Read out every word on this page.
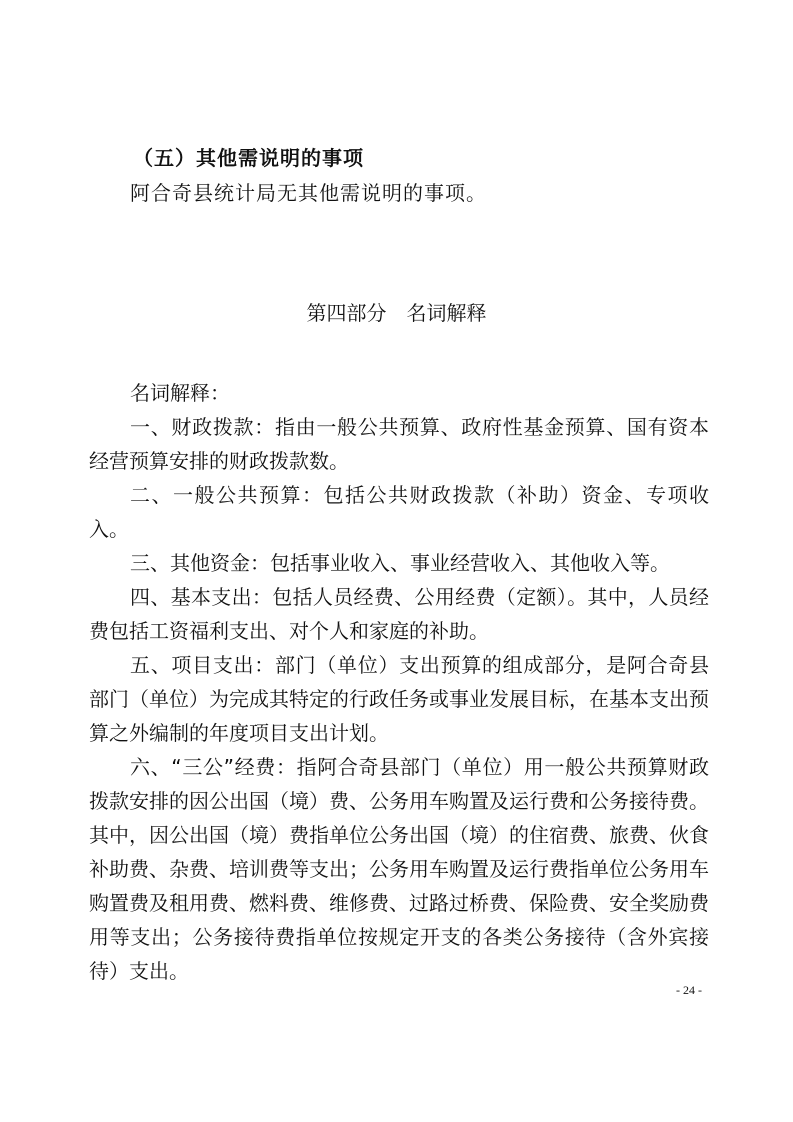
（五）其他需说明的事项
阿合奇县统计局无其他需说明的事项。
第四部分　名词解释

名词解释：

一、财政拨款：指由一般公共预算、政府性基金预算、国有资本经营预算安排的财政拨款数。

二、一般公共预算：包括公共财政拨款（补助）资金、专项收入。

三、其他资金：包括事业收入、事业经营收入、其他收入等。

四、基本支出：包括人员经费、公用经费（定额）。其中，人员经费包括工资福利支出、对个人和家庭的补助。

五、项目支出：部门（单位）支出预算的组成部分，是阿合奇县部门（单位）为完成其特定的行政任务或事业发展目标，在基本支出预算之外编制的年度项目支出计划。

六、“三公”经费：指阿合奇县部门（单位）用一般公共预算财政拨款安排的因公出国（境）费、公务用车购置及运行费和公务接待费。其中，因公出国（境）费指单位公务出国（境）的住宿费、旅费、伙食补助费、杂费、培训费等支出；公务用车购置及运行费指单位公务用车购置费及租用费、燃料费、维修费、过路过桥费、保险费、安全奖励费用等支出；公务接待费指单位按规定开支的各类公务接待（含外宾接待）支出。

- 24 -
